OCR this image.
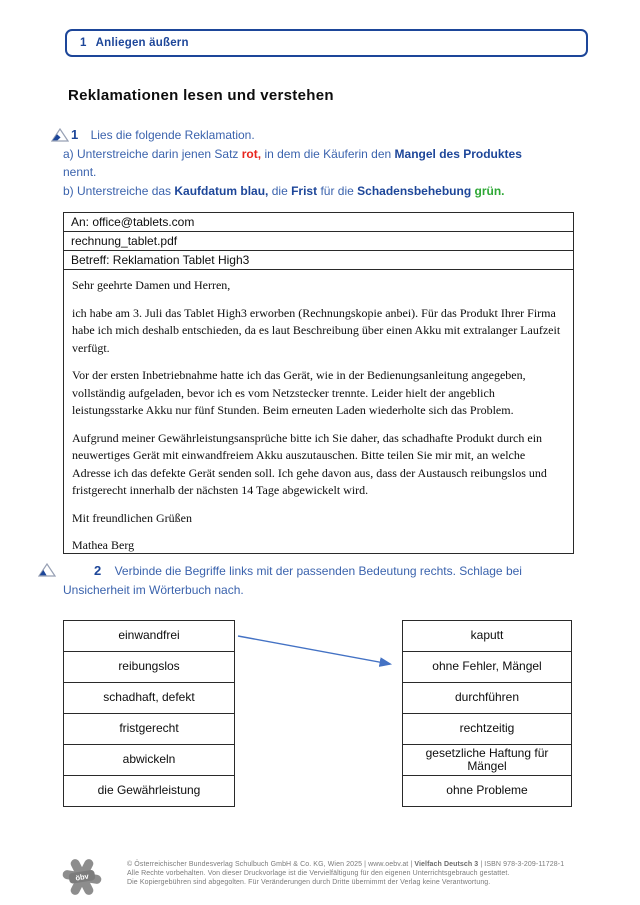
1 Anliegen äußern
Reklamationen lesen und verstehen
1 Lies die folgende Reklamation.
a) Unterstreiche darin jenen Satz rot, in dem die Käuferin den Mangel des Produktes
nennt.
b) Unterstreiche das Kaufdatum blau, die Frist für die Schadensbehebung grün.
An: office@tablets.com
rechnung_tablet.pdf
Betreff: Reklamation Tablet High3

Sehr geehrte Damen und Herren,

ich habe am 3. Juli das Tablet High3 erworben (Rechnungskopie anbei). Für das Produkt Ihrer Firma habe ich mich deshalb entschieden, da es laut Beschreibung über einen Akku mit extralanger Laufzeit verfügt.

Vor der ersten Inbetriebnahme hatte ich das Gerät, wie in der Bedienungsanleitung angegeben, vollständig aufgeladen, bevor ich es vom Netzstecker trennte. Leider hielt der angeblich leistungsstarke Akku nur fünf Stunden. Beim erneuten Laden wiederholte sich das Problem.

Aufgrund meiner Gewährleistungsansprüche bitte ich Sie daher, das schadhafte Produkt durch ein neuwertiges Gerät mit einwandfreiem Akku auszutauschen. Bitte teilen Sie mir mit, an welche Adresse ich das defekte Gerät senden soll. Ich gehe davon aus, dass der Austausch reibungslos und fristgerecht innerhalb der nächsten 14 Tage abgewickelt wird.

Mit freundlichen Grüßen

Mathea Berg

2 Verbinde die Begriffe links mit der passenden Bedeutung rechts. Schlage bei
Unsicherheit im Wörterbuch nach.
einwandfrei
reibungslos
schadhaft, defekt
fristgerecht
abwickeln
die Gewährleistung
kaputt
ohne Fehler, Mängel
durchführen
rechtzeitig
gesetzliche Haftung für Mängel
ohne Probleme
öbv
© Österreichischer Bundesverlag Schulbuch GmbH & Co. KG, Wien 2025 | www.oebv.at | Vielfach Deutsch 3 | ISBN 978-3-209-11728-1
Alle Rechte vorbehalten. Von dieser Druckvorlage ist die Vervielfältigung für den eigenen Unterrichtsgebrauch gestattet.
Die Kopiergebühren sind abgegolten. Für Veränderungen durch Dritte übernimmt der Verlag keine Verantwortung.
